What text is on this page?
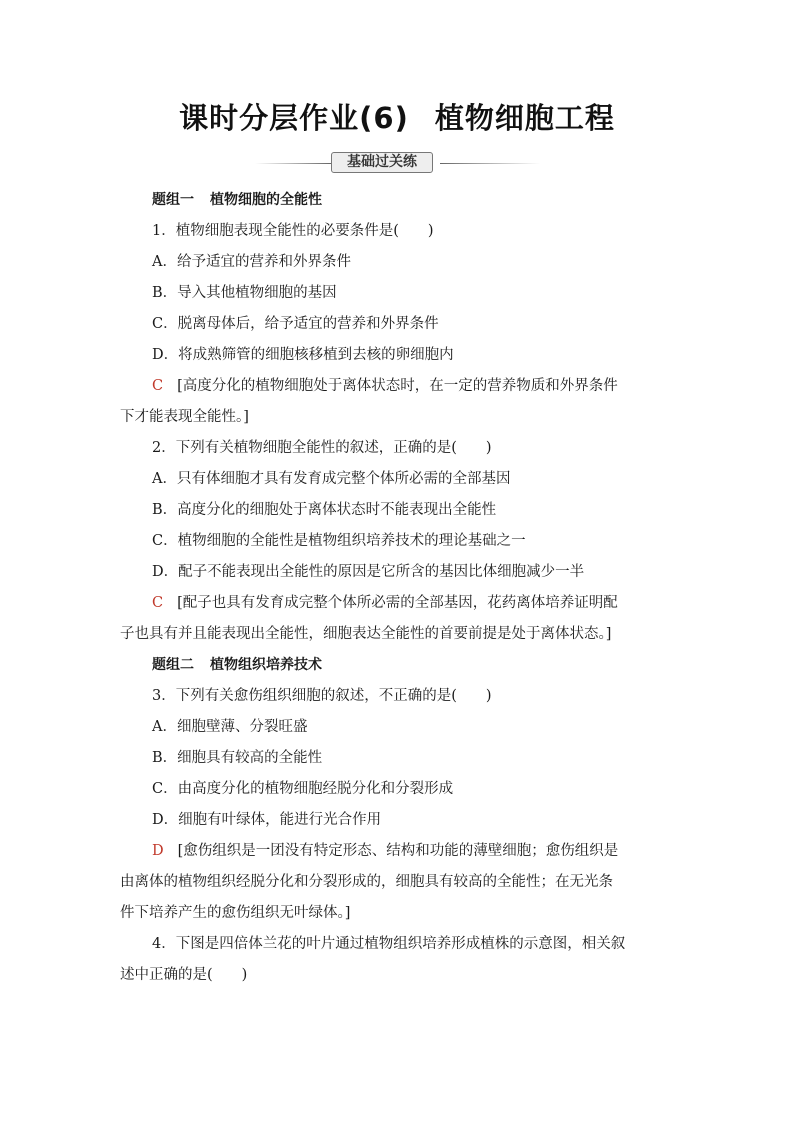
课时分层作业(6) 植物细胞工程
基础过关练
题组一 植物细胞的全能性
1．植物细胞表现全能性的必要条件是(　　)
A．给予适宜的营养和外界条件
B．导入其他植物细胞的基因
C．脱离母体后，给予适宜的营养和外界条件
D．将成熟筛管的细胞核移植到去核的卵细胞内
C [高度分化的植物细胞处于离体状态时，在一定的营养物质和外界条件
下才能表现全能性。]
2．下列有关植物细胞全能性的叙述，正确的是(　　)
A．只有体细胞才具有发育成完整个体所必需的全部基因
B．高度分化的细胞处于离体状态时不能表现出全能性
C．植物细胞的全能性是植物组织培养技术的理论基础之一
D．配子不能表现出全能性的原因是它所含的基因比体细胞减少一半
C [配子也具有发育成完整个体所必需的全部基因，花药离体培养证明配
子也具有并且能表现出全能性，细胞表达全能性的首要前提是处于离体状态。]
题组二 植物组织培养技术
3．下列有关愈伤组织细胞的叙述，不正确的是(　　)
A．细胞壁薄、分裂旺盛
B．细胞具有较高的全能性
C．由高度分化的植物细胞经脱分化和分裂形成
D．细胞有叶绿体，能进行光合作用
D [愈伤组织是一团没有特定形态、结构和功能的薄壁细胞；愈伤组织是
由离体的植物组织经脱分化和分裂形成的，细胞具有较高的全能性；在无光条
件下培养产生的愈伤组织无叶绿体。]
4．下图是四倍体兰花的叶片通过植物组织培养形成植株的示意图，相关叙
述中正确的是(　　)
